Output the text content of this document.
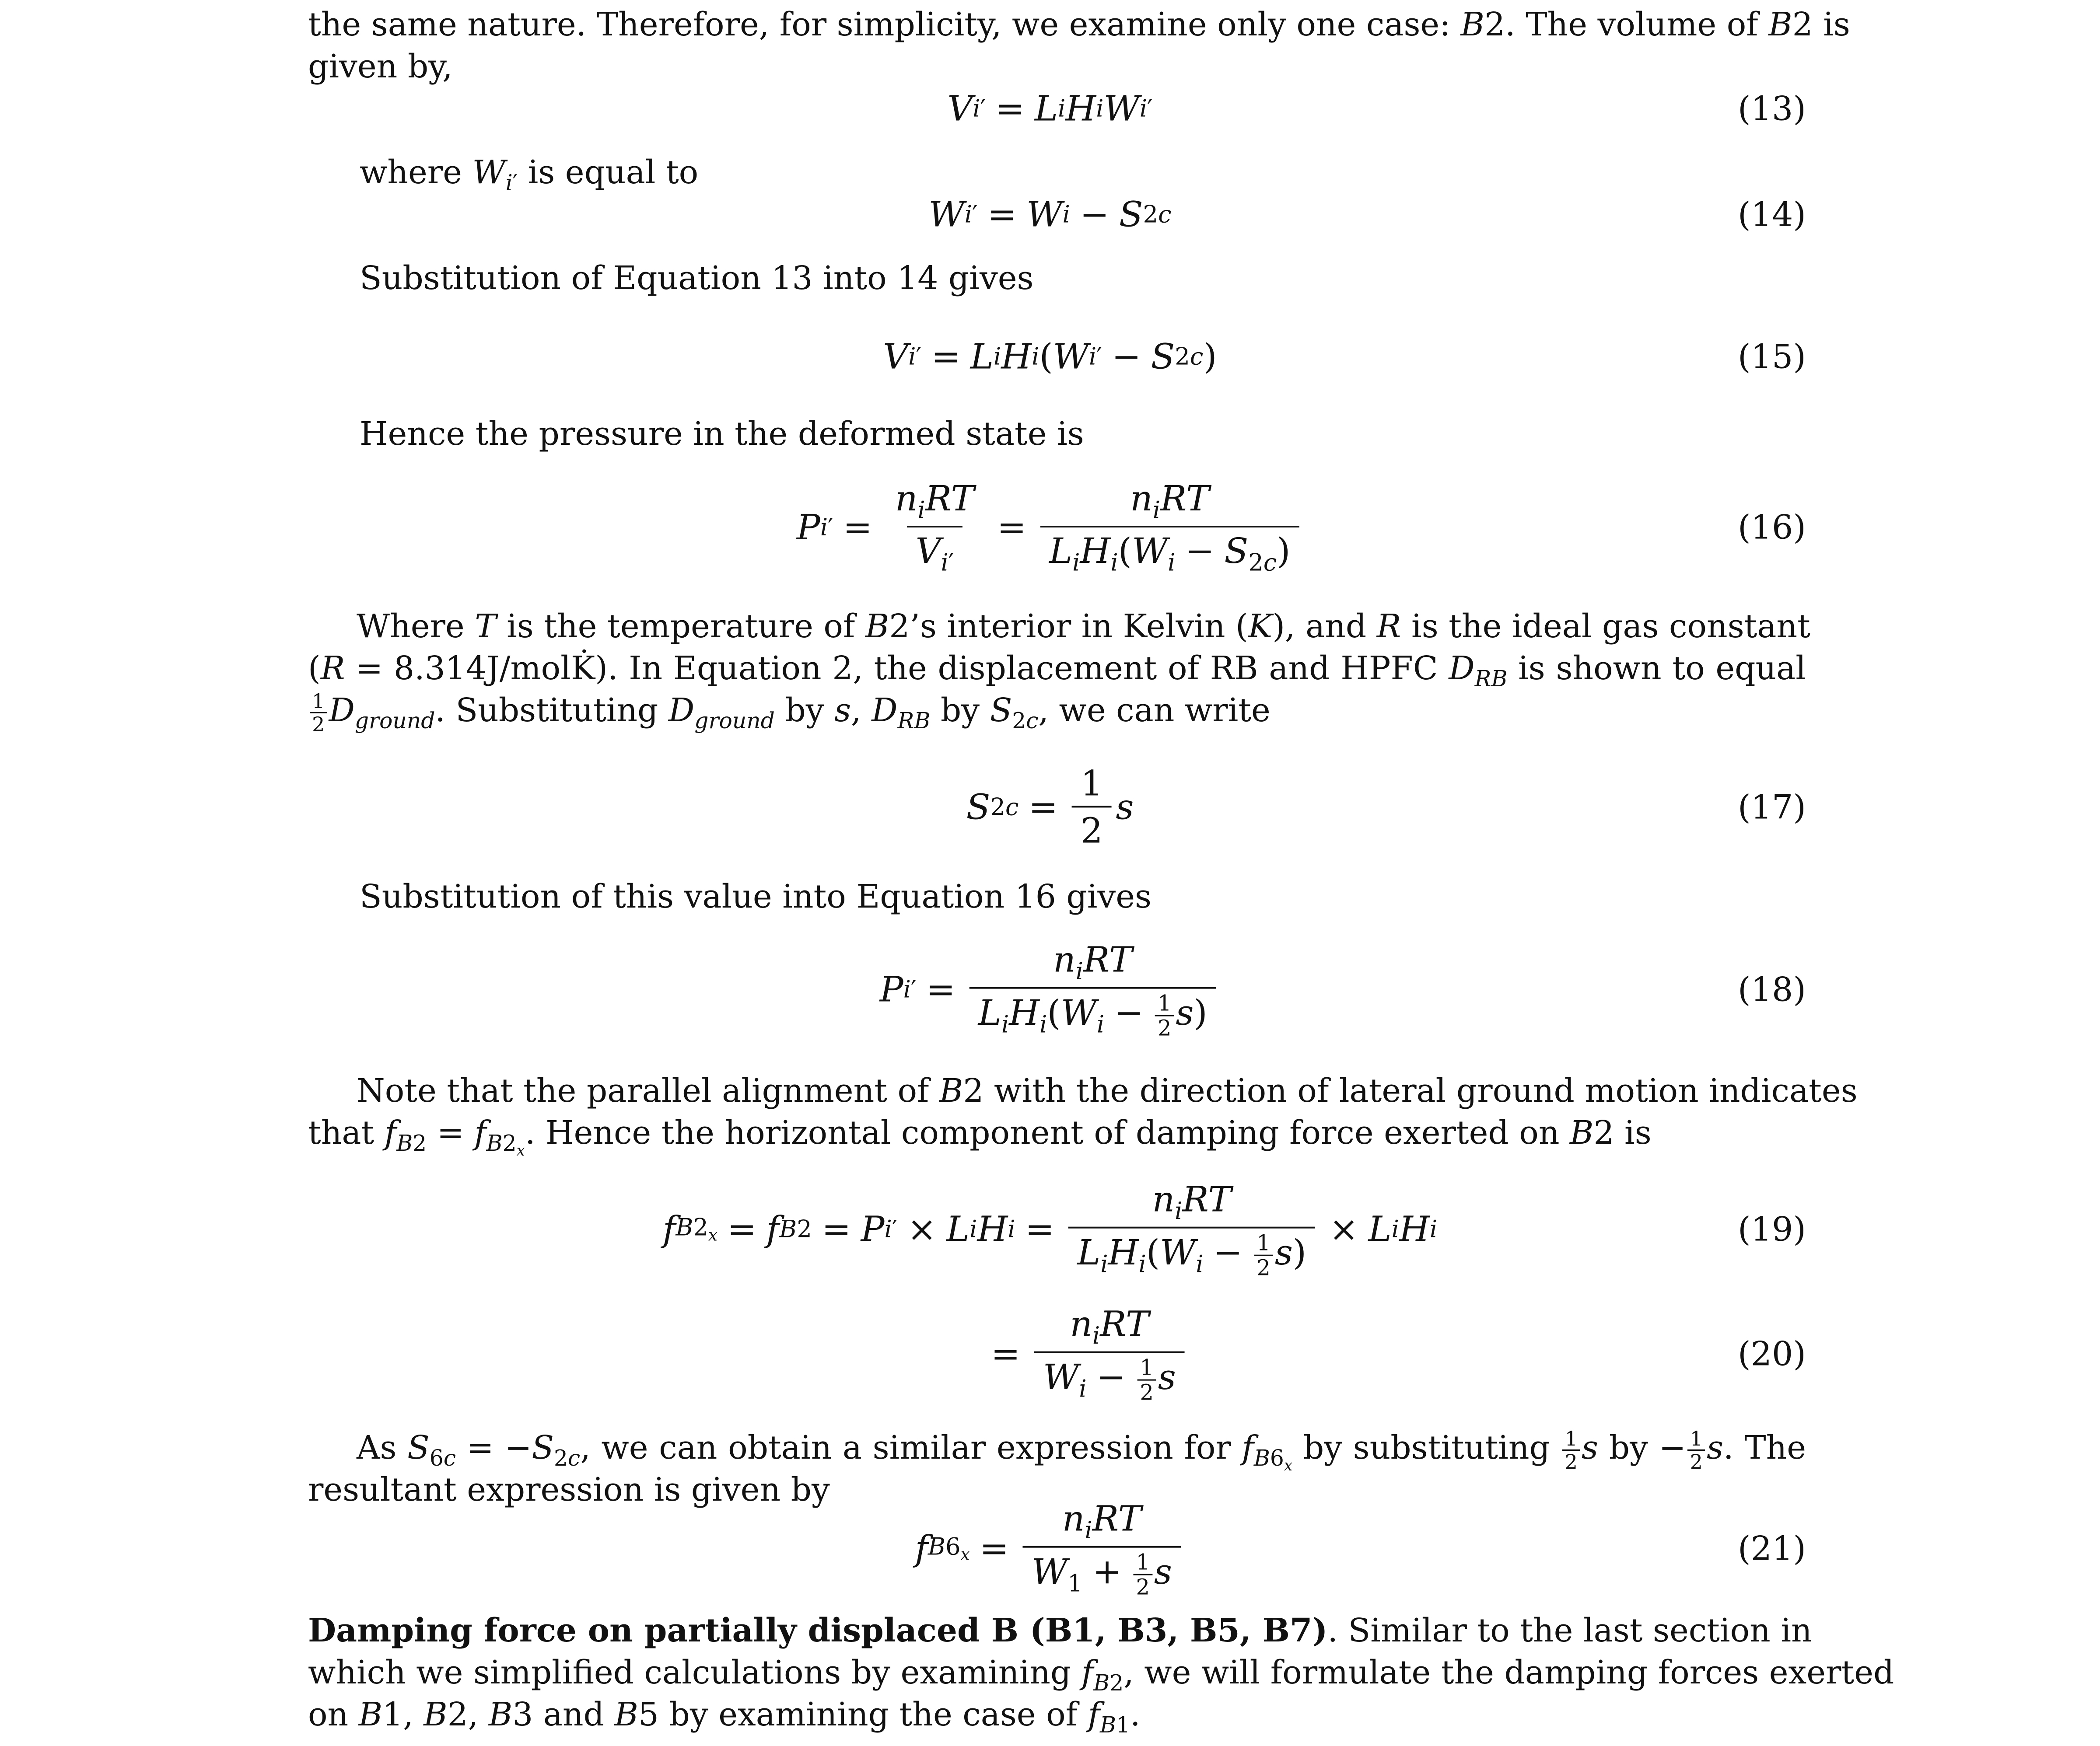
the same nature. Therefore, for simplicity, we examine only one case: B2. The volume of B2 is
given by,
V i′ = L i H i W i′	(13)
where $W_{i'}$ is equal to
W i′ = W i − S 2c	(14)
Substitution of Equation 13 into 14 gives
V i′ = L i H i ( W i′ − S 2c )	(15)
Hence the pressure in the deformed state is
P $i' = \frac{n_iRT}{V_{i'}} = \frac{n_iRT}{L_iH_i(W_i - S_{2c})}$	(16)
  Where T is the temperature of B2’s interior in Kelvin (K), and R is the ideal gas constant
(R = 8.314J/molK̇). In Equation 2, the displacement of RB and HPFC $D_{RB}$ is shown to equal
$\frac{1}{2} D_{ground}$. Substituting $D_{ground}$ by s, $D_{RB}$ by $S_{2c}$, we can write
S $2c = \frac{1}{2}$ s	(17)
Substitution of this value into Equation 16 gives
P $i' = \frac{n_iRT}{L_iH_i(W_i - \frac{1}{2} s)}$	(18)
  Note that the parallel alignment of B2 with the direction of lateral ground motion indicates
that $f_{B2} = f_{B2_x}$. Hence the horizontal component of damping force exerted on B2 is
f $B2_x = f$ B2 = P i′ × L i H $i = \frac{n_iRT}{L_iH_i(W_i - \frac{1}{2} s)} \times L$ i H i	(19)
= $\frac{n_iRT}{W_i - \frac{1}{2} s}$	(20)
  As $S_{6c} = -S_{2c}$, we can obtain a similar expression for $f_{B6_x}$ by substituting $\frac{1}{2}$ s by − $\frac{1}{2} s$. The
resultant expression is given by
f $B6_x = \frac{n_iRT}{W_1 + \frac{1}{2} s}$	(21)
Damping force on partially displaced B (B1, B3, B5, B7). Similar to the last section in
which we simplified calculations by examining $f_{B2}$, we will formulate the damping forces exerted
on B1, B2, B3 and B5 by examining the case of $f_{B1}$.
